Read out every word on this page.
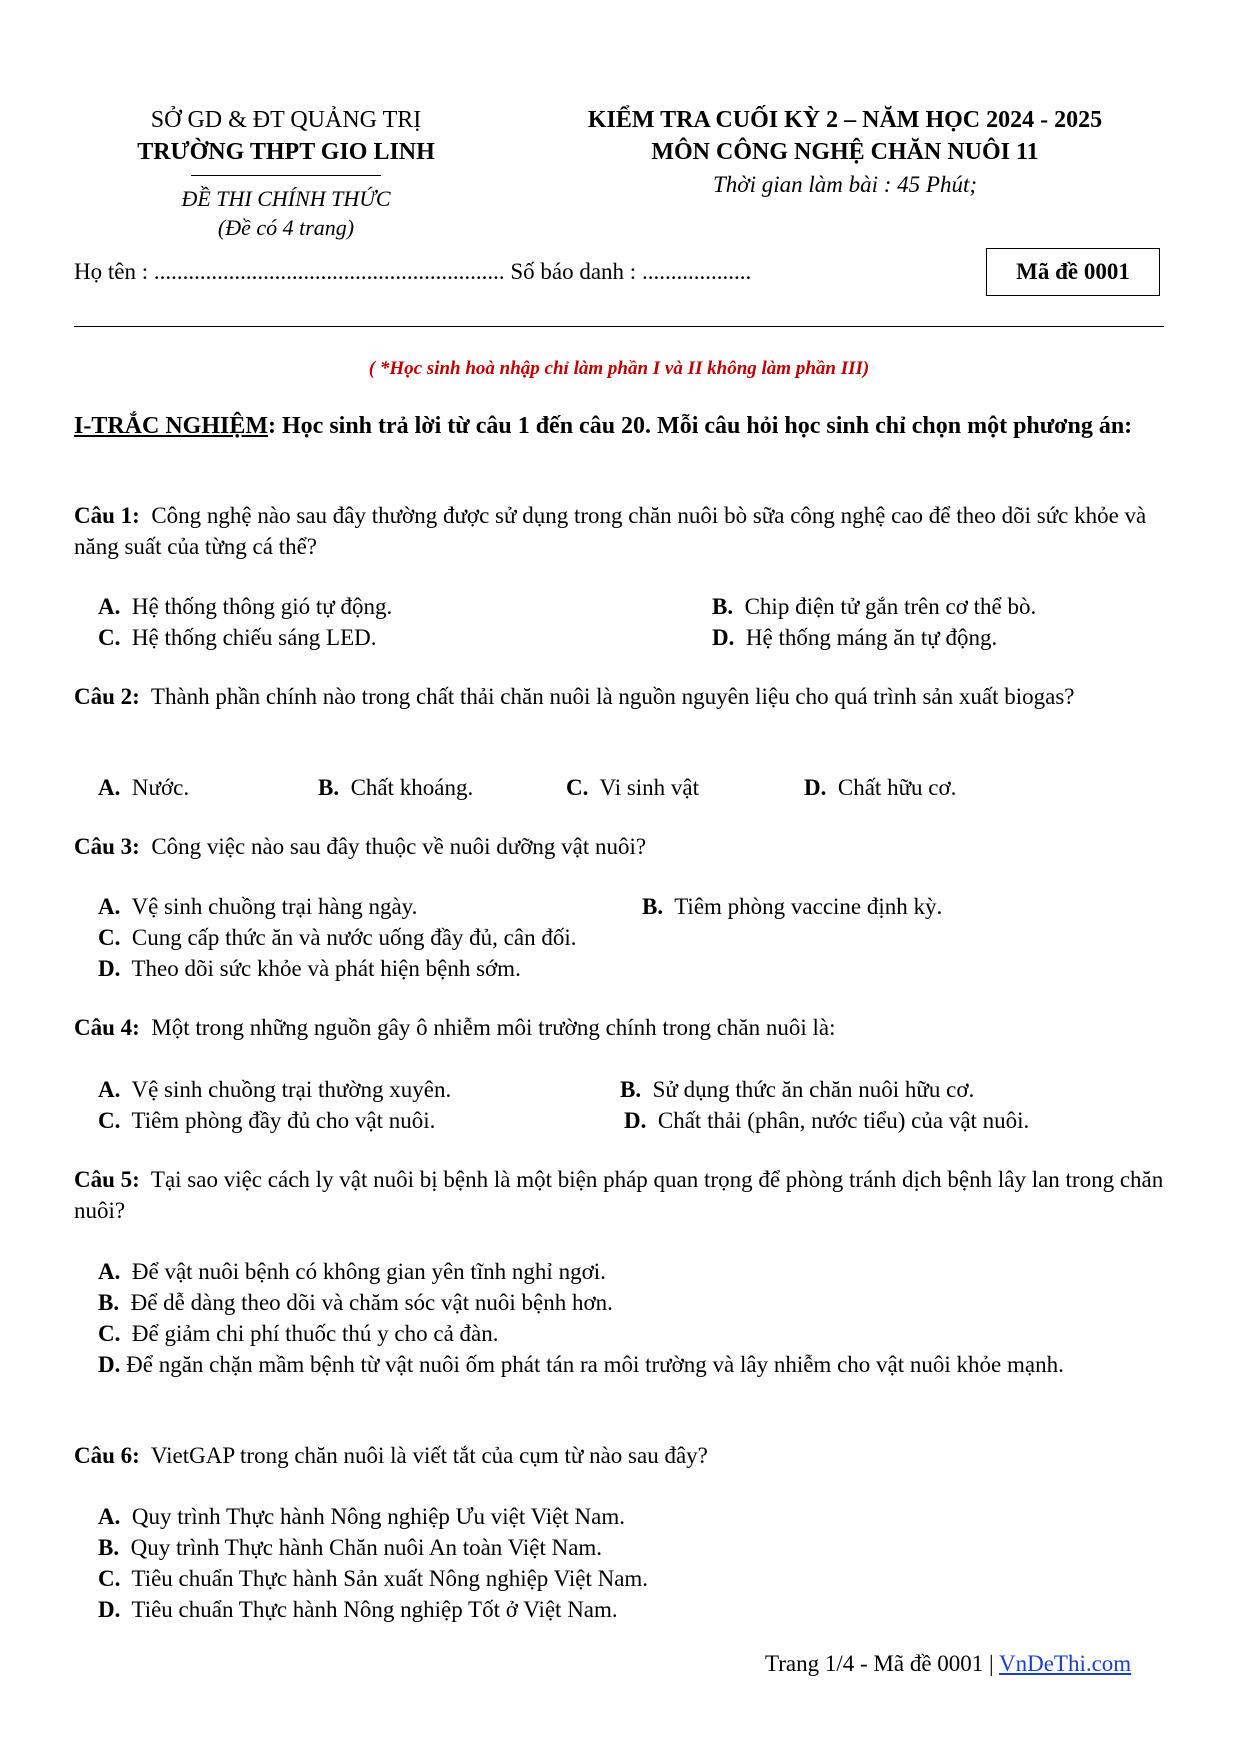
SỞ GD & ĐT QUẢNG TRỊ
TRƯỜNG THPT GIO LINH
ĐỀ THI CHÍNH THỨC
(Đề có 4 trang)
KIỂM TRA CUỐI KỲ 2 – NĂM HỌC 2024 - 2025
MÔN CÔNG NGHỆ CHĂN NUÔI 11
Thời gian làm bài : 45 Phút;
Họ tên : ............................................................. Số báo danh : ...................	Mã đề 0001
( *Học sinh hoà nhập chỉ làm phần I và II không làm phần III)
I-TRẮC NGHIỆM: Học sinh trả lời từ câu 1 đến câu 20. Mỗi câu hỏi học sinh chỉ chọn một phương án:
Câu 1: Công nghệ nào sau đây thường được sử dụng trong chăn nuôi bò sữa công nghệ cao để theo dõi sức khỏe và năng suất của từng cá thể?
A. Hệ thống thông gió tự động.	B. Chip điện tử gắn trên cơ thể bò.
C. Hệ thống chiếu sáng LED.	D. Hệ thống máng ăn tự động.
Câu 2: Thành phần chính nào trong chất thải chăn nuôi là nguồn nguyên liệu cho quá trình sản xuất biogas?
A. Nước.	B. Chất khoáng.	C. Vi sinh vật	D. Chất hữu cơ.
Câu 3: Công việc nào sau đây thuộc về nuôi dưỡng vật nuôi?
A. Vệ sinh chuồng trại hàng ngày.	B. Tiêm phòng vaccine định kỳ.
C. Cung cấp thức ăn và nước uống đầy đủ, cân đối.
D. Theo dõi sức khỏe và phát hiện bệnh sớm.
Câu 4: Một trong những nguồn gây ô nhiễm môi trường chính trong chăn nuôi là:
A. Vệ sinh chuồng trại thường xuyên.	B. Sử dụng thức ăn chăn nuôi hữu cơ.
C. Tiêm phòng đầy đủ cho vật nuôi.	D. Chất thải (phân, nước tiểu) của vật nuôi.
Câu 5: Tại sao việc cách ly vật nuôi bị bệnh là một biện pháp quan trọng để phòng tránh dịch bệnh lây lan trong chăn nuôi?
A. Để vật nuôi bệnh có không gian yên tĩnh nghỉ ngơi.
B. Để dễ dàng theo dõi và chăm sóc vật nuôi bệnh hơn.
C. Để giảm chi phí thuốc thú y cho cả đàn.
D. Để ngăn chặn mầm bệnh từ vật nuôi ốm phát tán ra môi trường và lây nhiễm cho vật nuôi khỏe mạnh.
Câu 6: VietGAP trong chăn nuôi là viết tắt của cụm từ nào sau đây?
A. Quy trình Thực hành Nông nghiệp Ưu việt Việt Nam.
B. Quy trình Thực hành Chăn nuôi An toàn Việt Nam.
C. Tiêu chuẩn Thực hành Sản xuất Nông nghiệp Việt Nam.
D. Tiêu chuẩn Thực hành Nông nghiệp Tốt ở Việt Nam.
Trang 1/4 - Mã đề 0001 | VnDeThi.com
